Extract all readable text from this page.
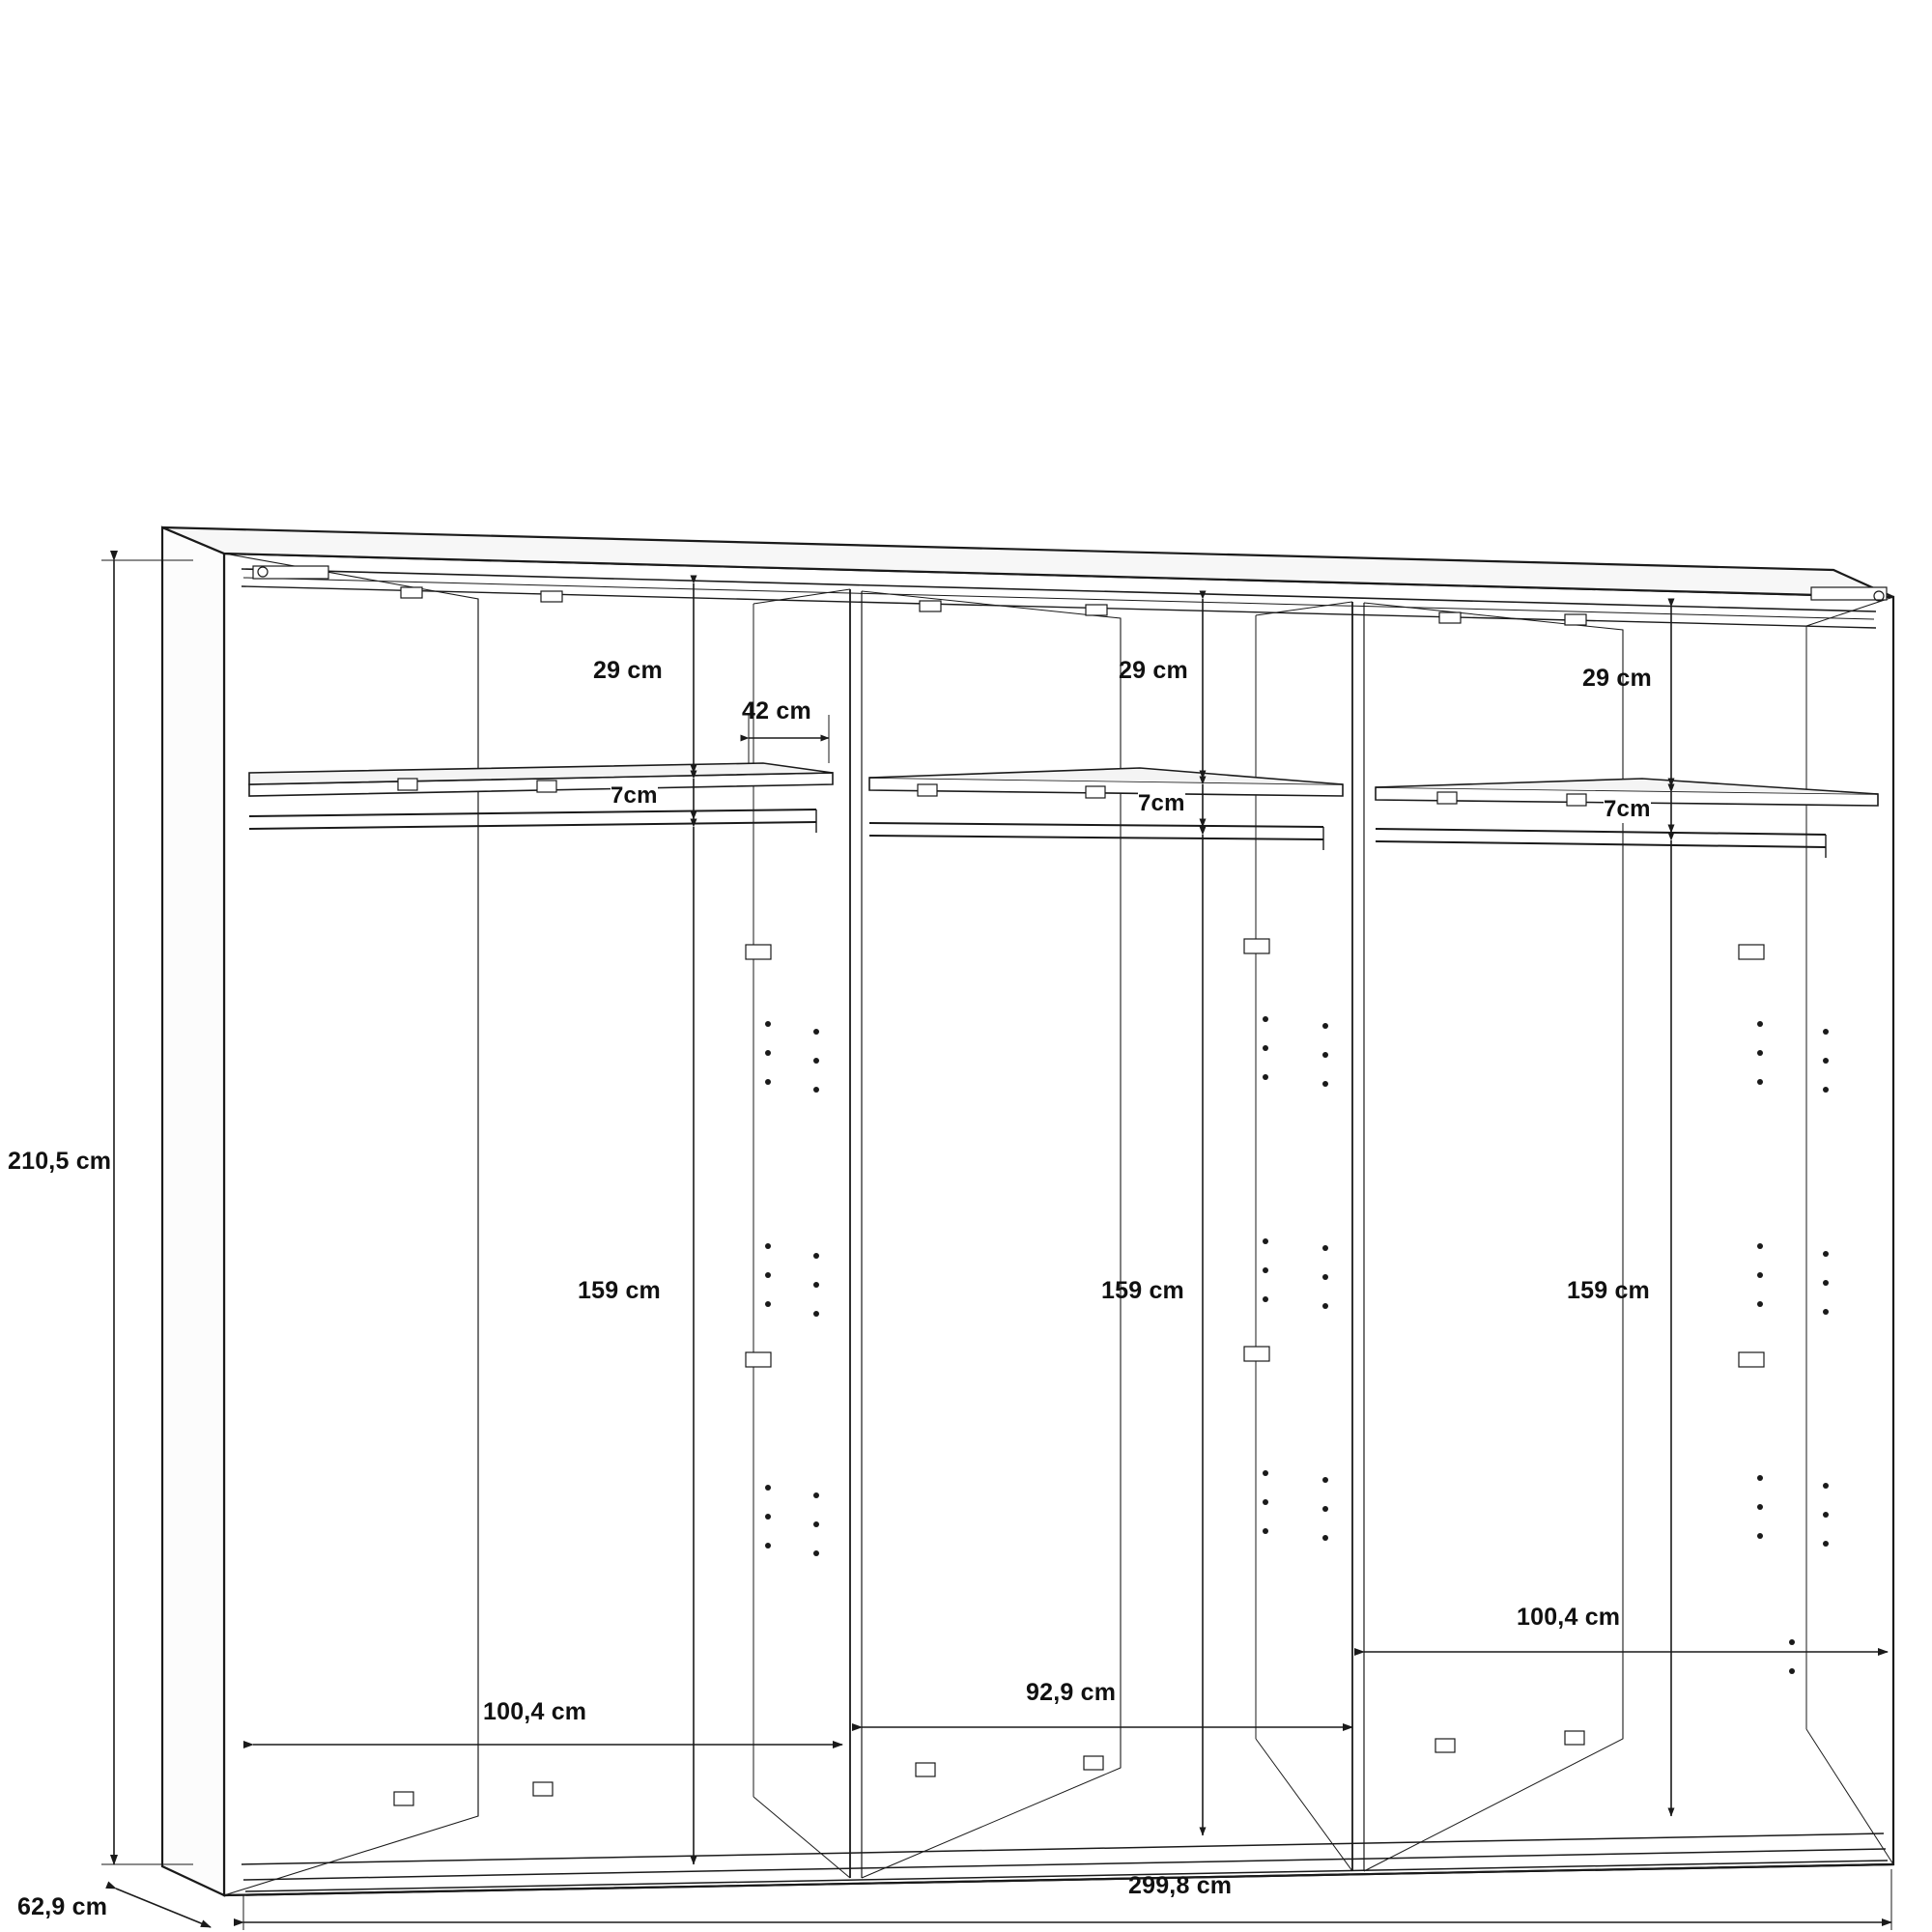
210,5 cm
299,8 cm
62,9 cm
29 cm	29 cm	29 cm
7cm	7cm	7cm
159 cm	159 cm	159 cm
42 cm
100,4 cm
92,9 cm
100,4 cm
